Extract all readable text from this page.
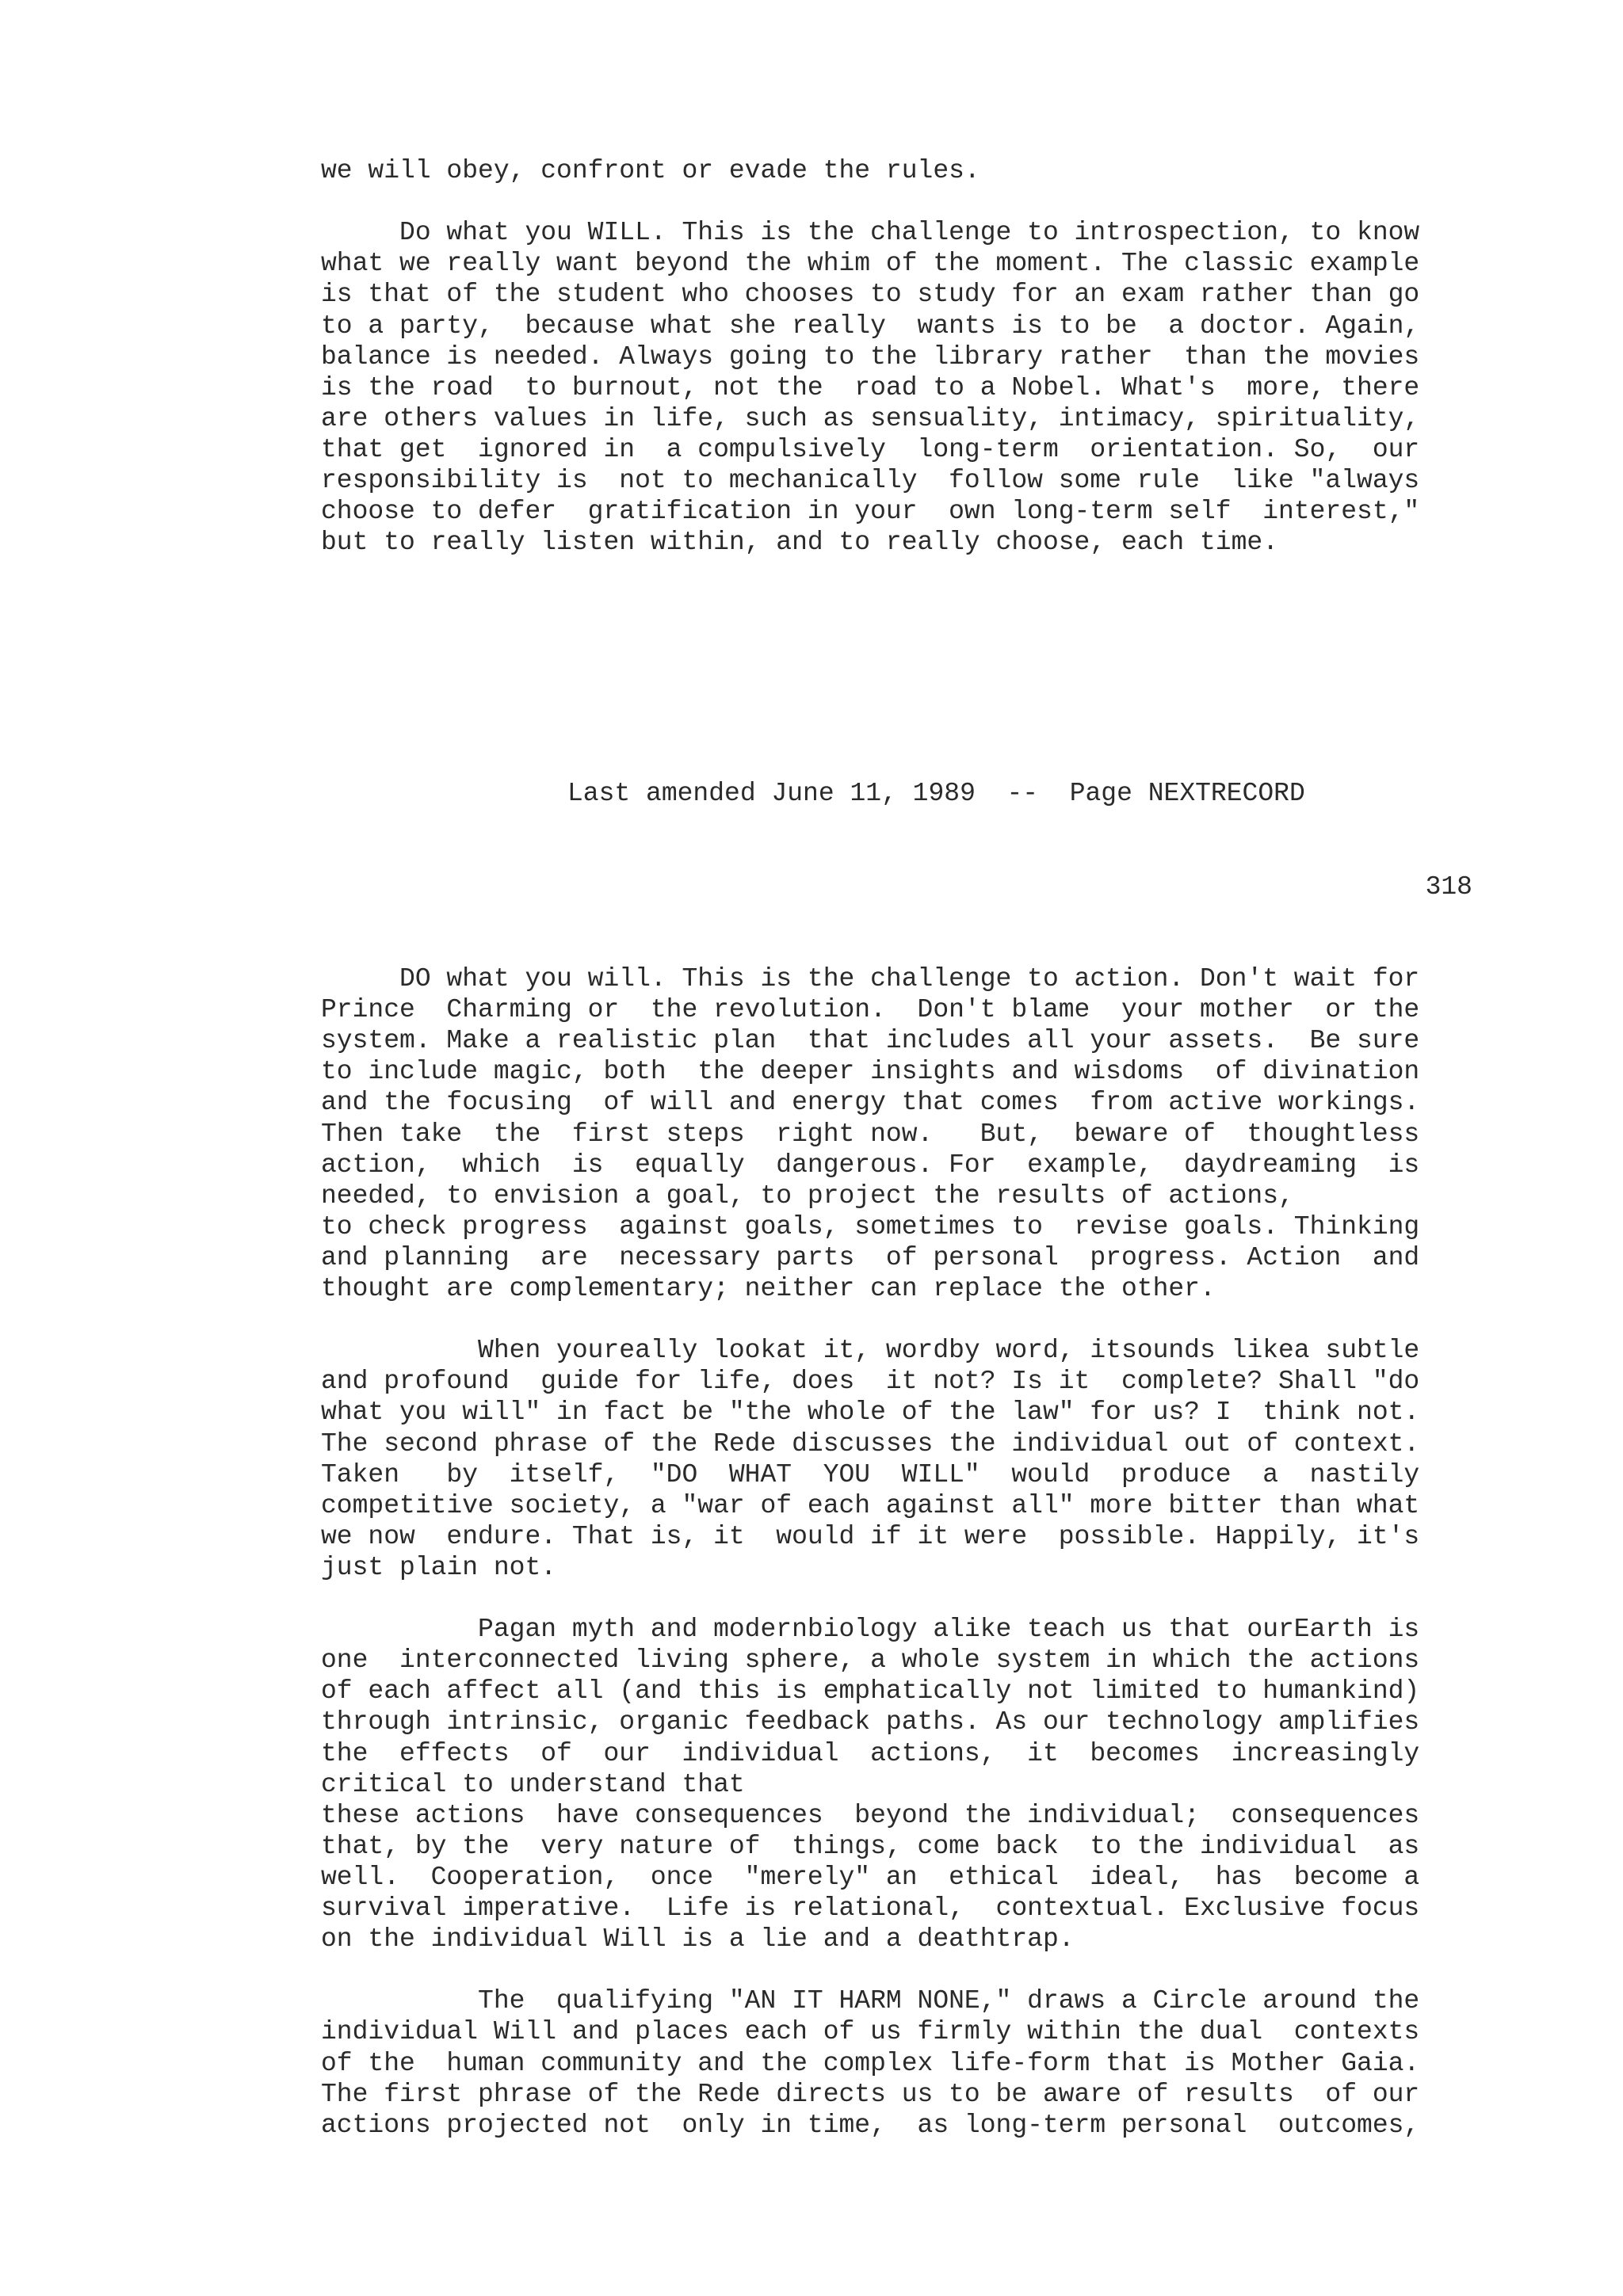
we will obey, confront or evade the rules.
Do what you WILL. This is the challenge to introspection, to know
what we really want beyond the whim of the moment. The classic example
is that of the student who chooses to study for an exam rather than go
to a party,  because what she really  wants is to be  a doctor. Again,
balance is needed. Always going to the library rather  than the movies
is the road  to burnout, not the  road to a Nobel. What's  more, there
are others values in life, such as sensuality, intimacy, spirituality,
that get  ignored in  a compulsively  long-term  orientation. So,  our
responsibility is  not to mechanically  follow some rule  like "always
choose to defer  gratification in your  own long-term self  interest,"
but to really listen within, and to really choose, each time.
Last amended June 11, 1989  --  Page NEXTRECORD
318
DO what you will. This is the challenge to action. Don't wait for
Prince  Charming or  the revolution.  Don't blame  your mother  or the
system. Make a realistic plan  that includes all your assets.  Be sure
to include magic, both  the deeper insights and wisdoms  of divination
and the focusing  of will and energy that comes  from active workings.
Then take  the  first steps  right now.   But,  beware of  thoughtless
action,  which  is  equally  dangerous. For  example,  daydreaming  is
needed, to envision a goal, to project the results of actions,
to check progress  against goals, sometimes to  revise goals. Thinking
and planning  are  necessary parts  of personal  progress. Action  and
thought are complementary; neither can replace the other.
When youreally lookat it, wordby word, itsounds likea subtle
and profound  guide for life, does  it not? Is it  complete? Shall "do
what you will" in fact be "the whole of the law" for us? I  think not.
The second phrase of the Rede discusses the individual out of context.
Taken   by  itself,  "DO  WHAT  YOU  WILL"  would  produce  a  nastily
competitive society, a "war of each against all" more bitter than what
we now  endure. That is, it  would if it were  possible. Happily, it's
just plain not.
Pagan myth and modernbiology alike teach us that ourEarth is
one  interconnected living sphere, a whole system in which the actions
of each affect all (and this is emphatically not limited to humankind)
through intrinsic, organic feedback paths. As our technology amplifies
the  effects  of  our  individual  actions,  it  becomes  increasingly
critical to understand that
these actions  have consequences  beyond the individual;  consequences
that, by the  very nature of  things, come back  to the individual  as
well.  Cooperation,  once  "merely" an  ethical  ideal,  has  become a
survival imperative.  Life is relational,  contextual. Exclusive focus
on the individual Will is a lie and a deathtrap.
The  qualifying "AN IT HARM NONE," draws a Circle around the
individual Will and places each of us firmly within the dual  contexts
of the  human community and the complex life-form that is Mother Gaia.
The first phrase of the Rede directs us to be aware of results  of our
actions projected not  only in time,  as long-term personal  outcomes,
